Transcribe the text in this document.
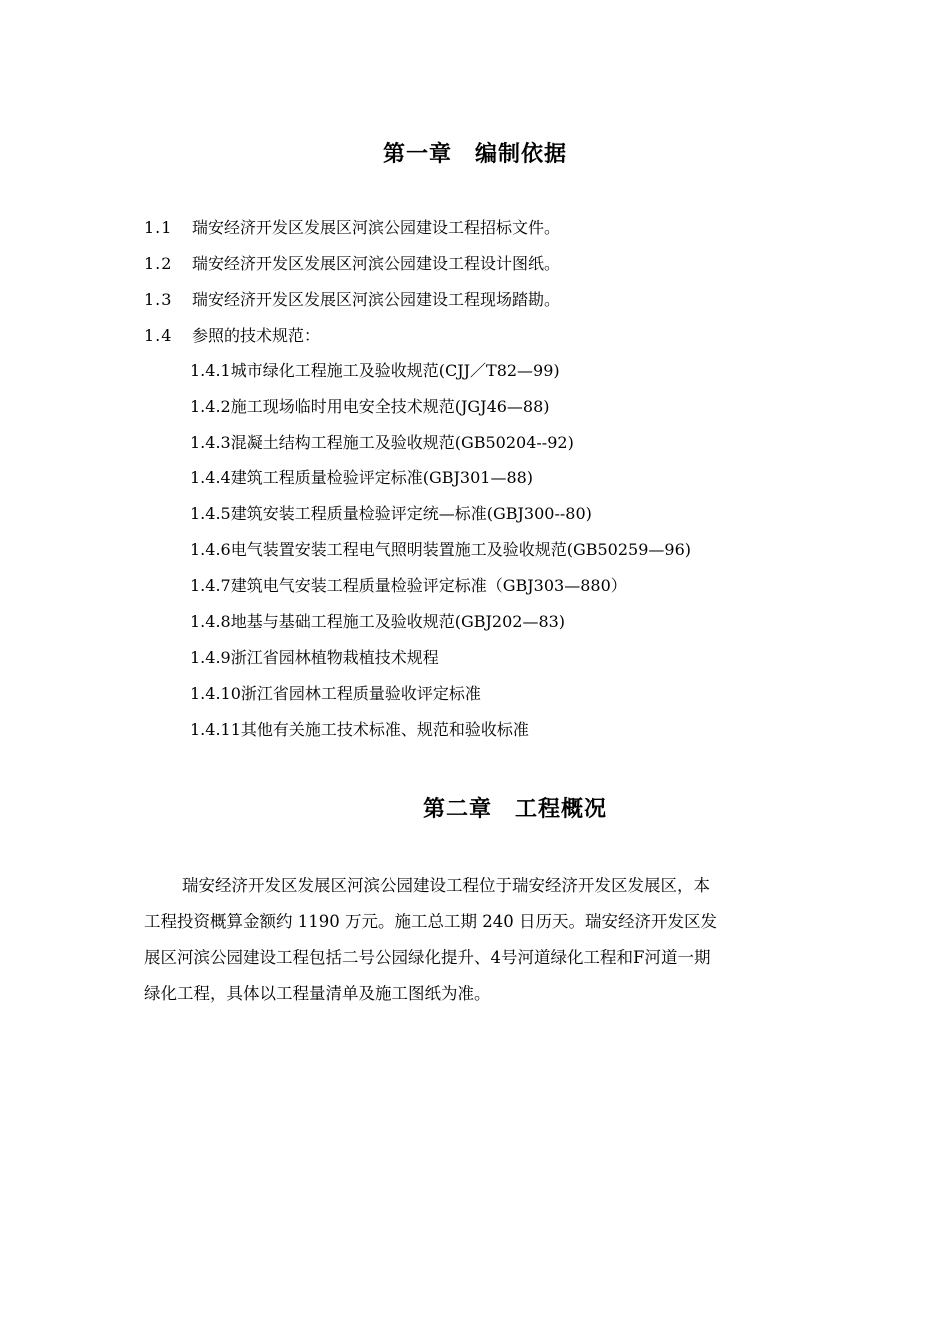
第一章　编制依据
1.1 瑞安经济开发区发展区河滨公园建设工程招标文件。
1.2 瑞安经济开发区发展区河滨公园建设工程设计图纸。
1.3 瑞安经济开发区发展区河滨公园建设工程现场踏勘。
1.4 参照的技术规范：
1.4.1城市绿化工程施工及验收规范(CJJ／T82—99)
1.4.2施工现场临时用电安全技术规范(JGJ46—88)
1.4.3混凝土结构工程施工及验收规范(GB50204--92)
1.4.4建筑工程质量检验评定标准(GBJ301—88)
1.4.5建筑安装工程质量检验评定统—标准(GBJ300--80)
1.4.6电气装置安装工程电气照明装置施工及验收规范(GB50259—96)
1.4.7建筑电气安装工程质量检验评定标准（GBJ303—880）
1.4.8地基与基础工程施工及验收规范(GBJ202—83)
1.4.9浙江省园林植物栽植技术规程
1.4.10浙江省园林工程质量验收评定标准
1.4.11其他有关施工技术标准、规范和验收标准
第二章　工程概况
瑞安经济开发区发展区河滨公园建设工程位于瑞安经济开发区发展区，本
工程投资概算金额约 1190 万元。施工总工期 240 日历天。瑞安经济开发区发
展区河滨公园建设工程包括二号公园绿化提升、4号河道绿化工程和F河道一期
绿化工程，具体以工程量清单及施工图纸为准。
